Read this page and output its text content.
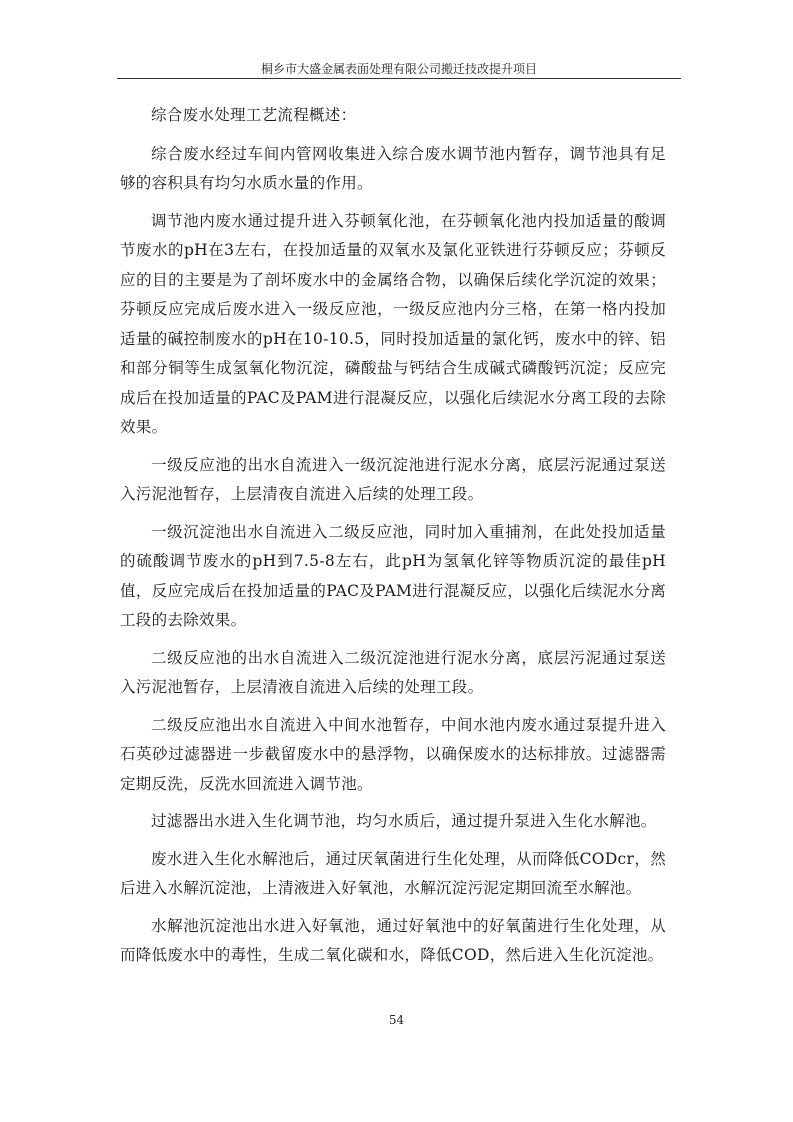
桐乡市大盛金属表面处理有限公司搬迁技改提升项目

综合废水处理工艺流程概述：

综合废水经过车间内管网收集进入综合废水调节池内暂存，调节池具有足够的容积具有均匀水质水量的作用。

调节池内废水通过提升进入芬顿氧化池，在芬顿氧化池内投加适量的酸调节废水的pH在3左右，在投加适量的双氧水及氯化亚铁进行芬顿反应；芬顿反应的目的主要是为了剖坏废水中的金属络合物，以确保后续化学沉淀的效果；芬顿反应完成后废水进入一级反应池，一级反应池内分三格，在第一格内投加适量的碱控制废水的pH在10-10.5，同时投加适量的氯化钙，废水中的锌、铝和部分铜等生成氢氧化物沉淀，磷酸盐与钙结合生成碱式磷酸钙沉淀；反应完成后在投加适量的PAC及PAM进行混凝反应，以强化后续泥水分离工段的去除效果。

一级反应池的出水自流进入一级沉淀池进行泥水分离，底层污泥通过泵送入污泥池暂存，上层清夜自流进入后续的处理工段。

一级沉淀池出水自流进入二级反应池，同时加入重捕剂，在此处投加适量的硫酸调节废水的pH到7.5-8左右，此pH为氢氧化锌等物质沉淀的最佳pH值，反应完成后在投加适量的PAC及PAM进行混凝反应，以强化后续泥水分离工段的去除效果。

二级反应池的出水自流进入二级沉淀池进行泥水分离，底层污泥通过泵送入污泥池暂存，上层清液自流进入后续的处理工段。

二级反应池出水自流进入中间水池暂存，中间水池内废水通过泵提升进入石英砂过滤器进一步截留废水中的悬浮物，以确保废水的达标排放。过滤器需定期反洗，反洗水回流进入调节池。

过滤器出水进入生化调节池，均匀水质后，通过提升泵进入生化水解池。

废水进入生化水解池后，通过厌氧菌进行生化处理，从而降低CODcr，然后进入水解沉淀池，上清液进入好氧池，水解沉淀污泥定期回流至水解池。

水解池沉淀池出水进入好氧池，通过好氧池中的好氧菌进行生化处理，从而降低废水中的毒性，生成二氧化碳和水，降低COD，然后进入生化沉淀池。

54
